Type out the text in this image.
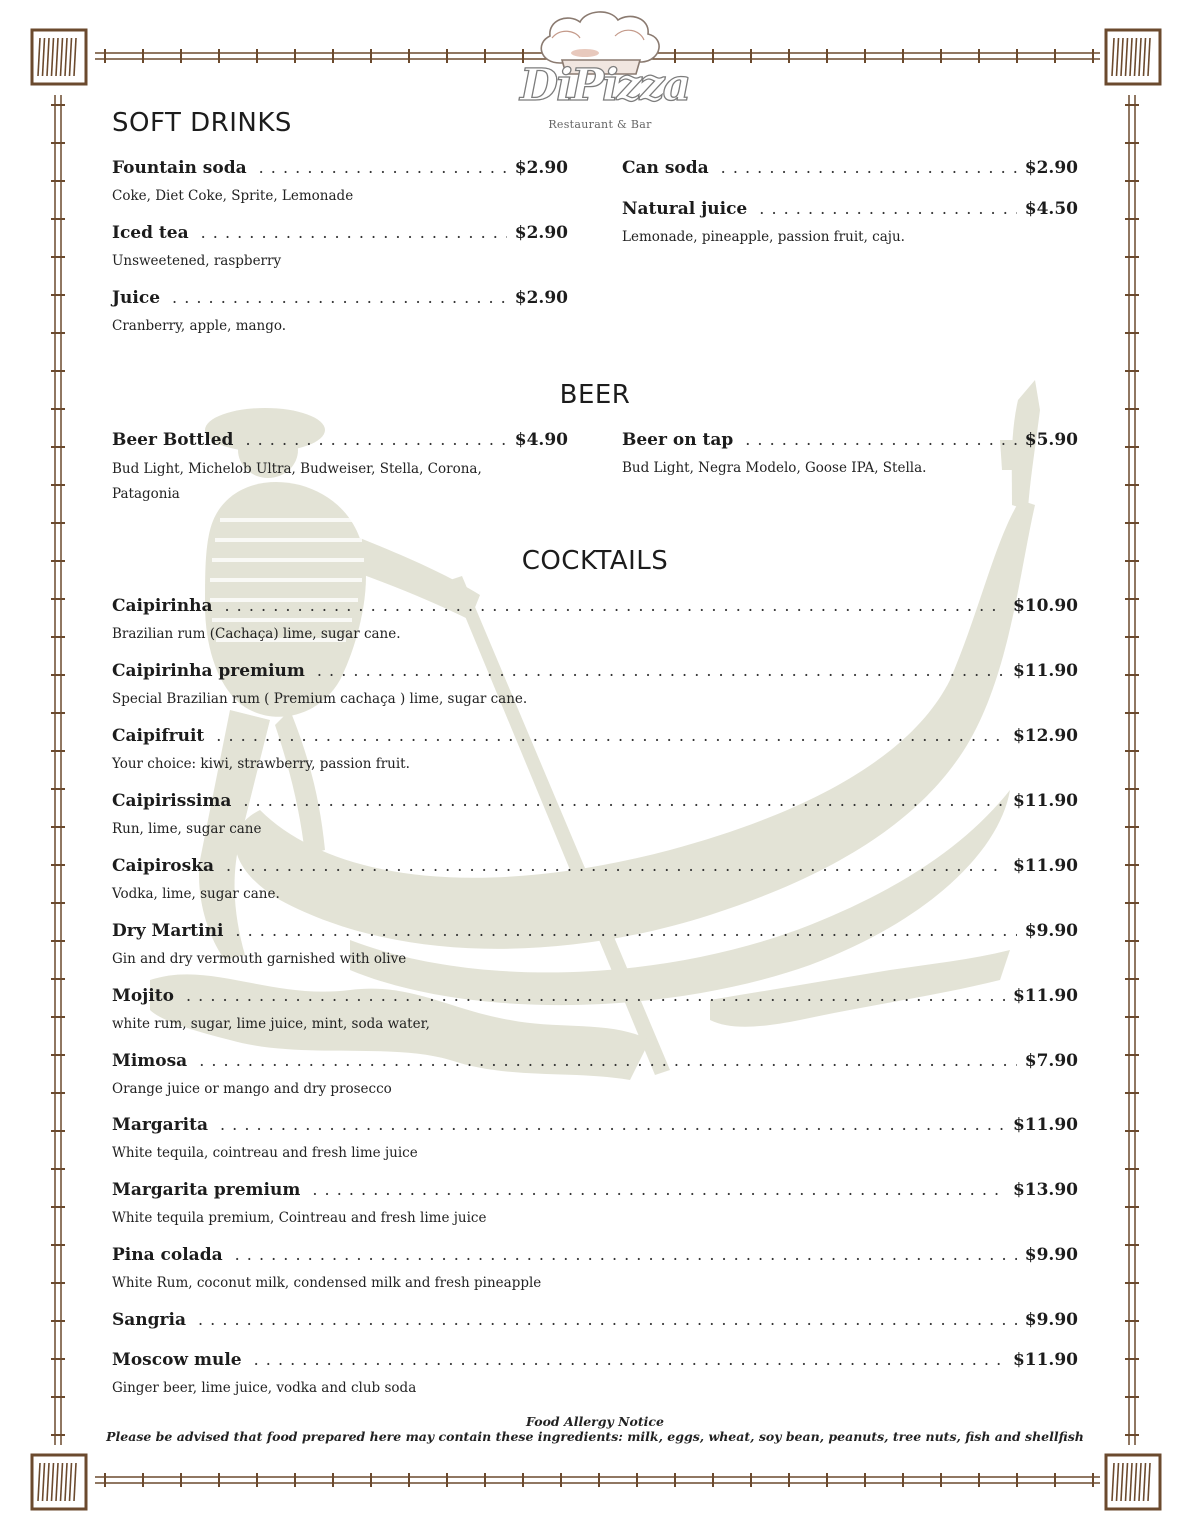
DiPizza
Restaurant & Bar
SOFT DRINKS
Fountain soda . . .	$2.90
Coke, Diet Coke, Sprite, Lemonade
Iced tea . . .	$2.90
Unsweetened, raspberry
Juice . . .	$2.90
Cranberry, apple, mango.
Can soda . . .	$2.90
Natural juice . . .	$4.50
Lemonade, pineapple, passion fruit, caju.
BEER
Beer Bottled . . .	$4.90
Bud Light, Michelob Ultra, Budweiser, Stella, Corona, Patagonia
Beer on tap . . .	$5.90
Bud Light, Negra Modelo, Goose IPA, Stella.
COCKTAILS
Caipirinha . . .	$10.90
Brazilian rum (Cachaça) lime, sugar cane.
Caipirinha premium . . .	$11.90
Special Brazilian rum ( Premium cachaça ) lime, sugar cane.
Caipifruit . . .	$12.90
Your choice: kiwi, strawberry, passion fruit.
Caipirissima . . .	$11.90
Run, lime, sugar cane
Caipiroska . . .	$11.90
Vodka, lime, sugar cane.
Dry Martini . . .	$9.90
Gin and dry vermouth garnished with olive
Mojito . . .	$11.90
white rum, sugar, lime juice, mint, soda water,
Mimosa . . .	$7.90
Orange juice or mango and dry prosecco
Margarita . . .	$11.90
White tequila, cointreau and fresh lime juice
Margarita premium . . .	$13.90
White tequila premium, Cointreau and fresh lime juice
Pina colada . . .	$9.90
White Rum, coconut milk, condensed milk and fresh pineapple
Sangria . . .	$9.90
Moscow mule . . .	$11.90
Ginger beer, lime juice, vodka and club soda
Food Allergy Notice
Please be advised that food prepared here may contain these ingredients: milk, eggs, wheat, soy bean, peanuts, tree nuts, fish and shellfish
